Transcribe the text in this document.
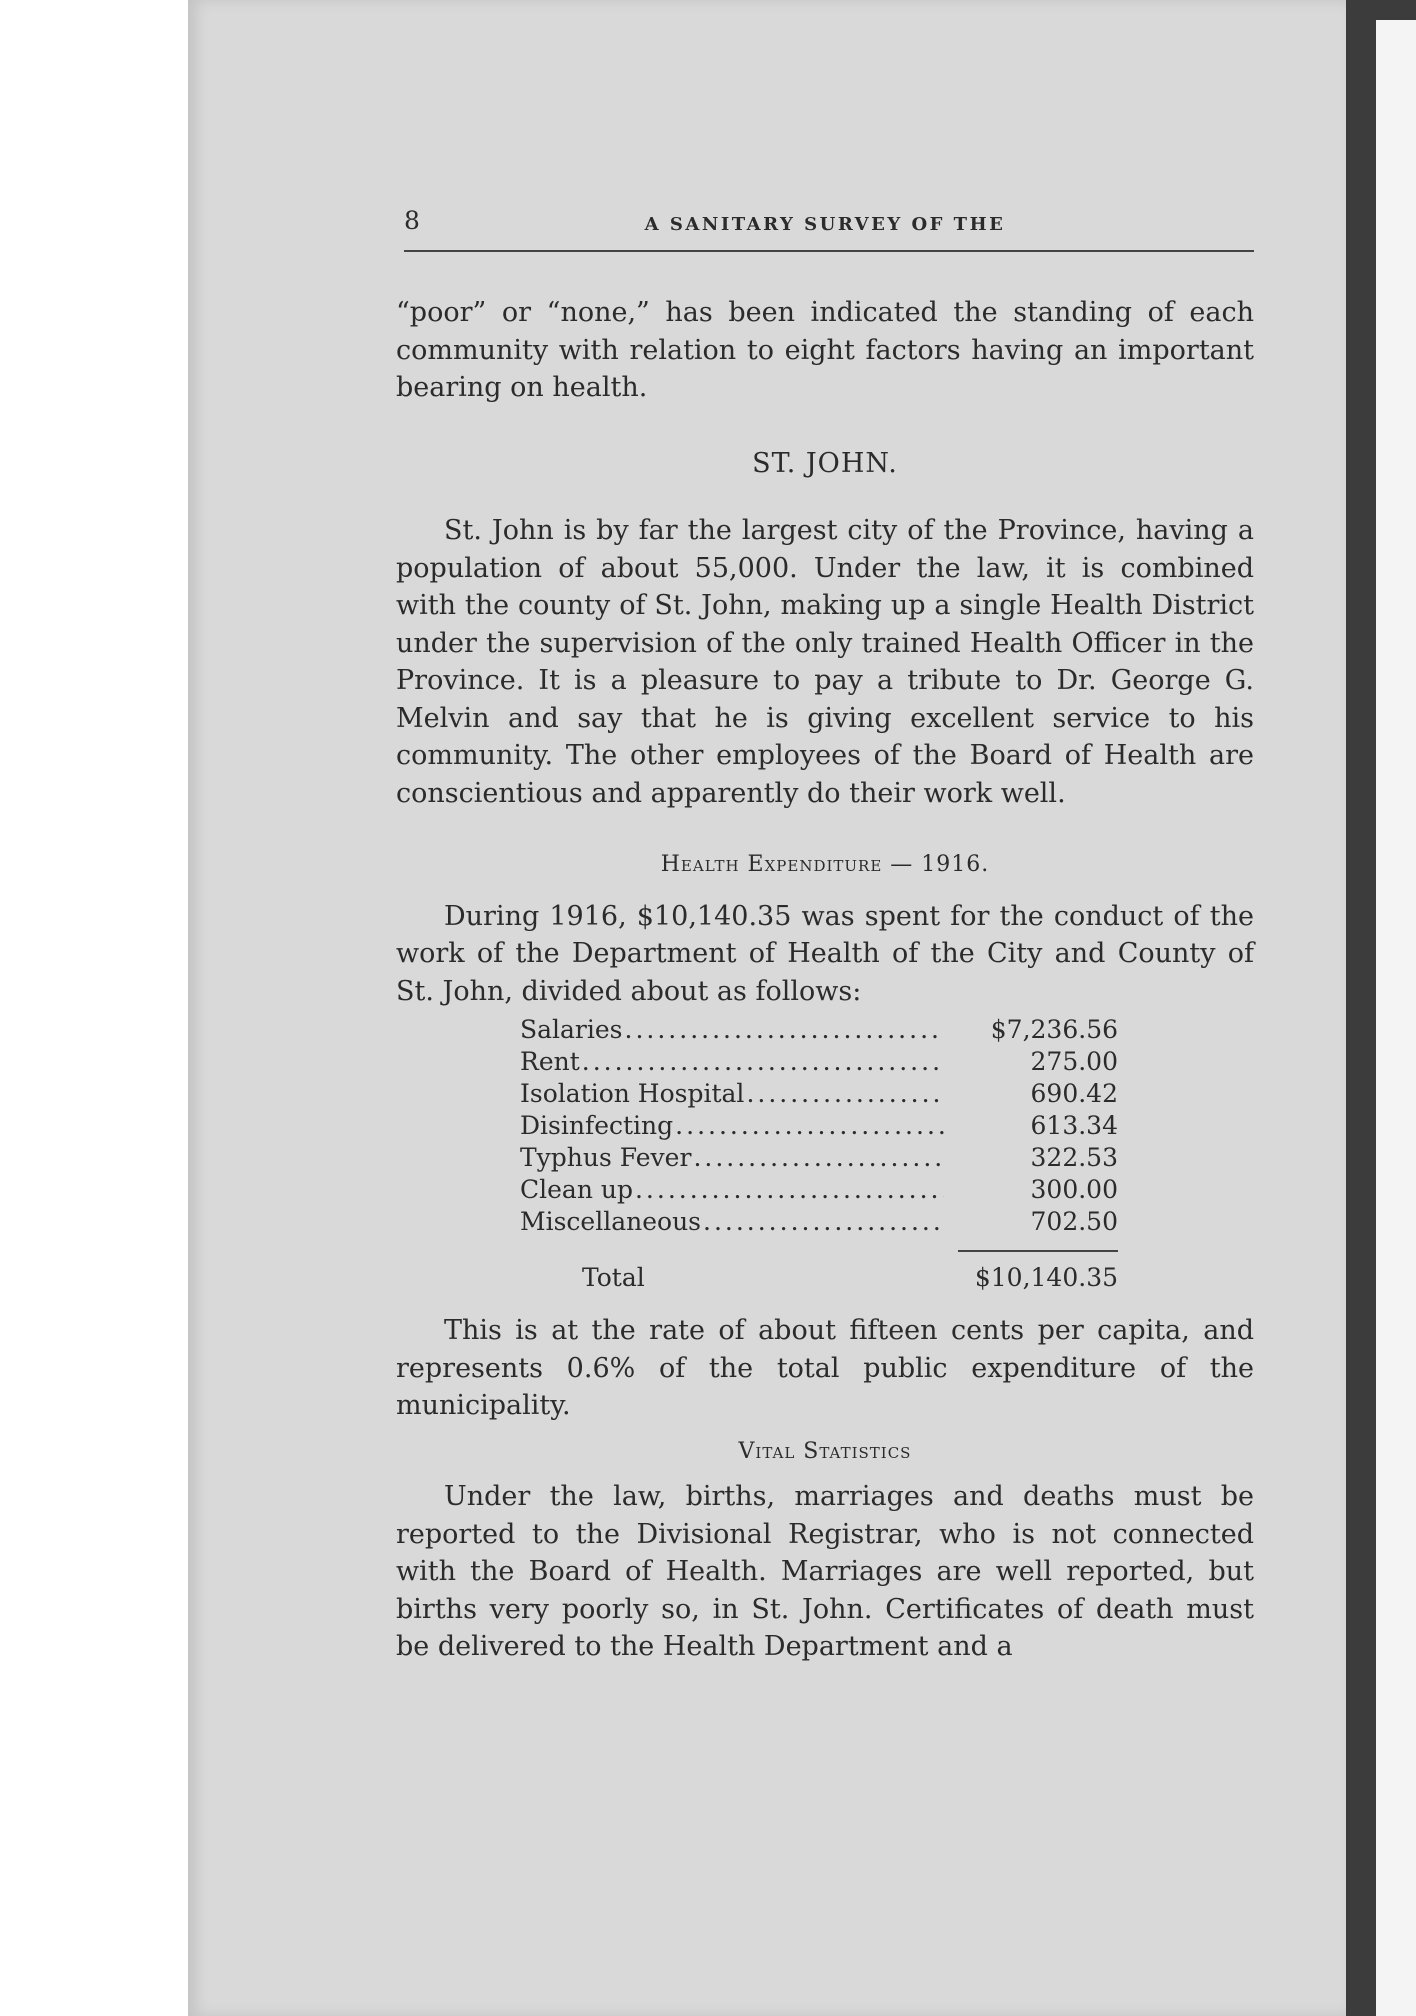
8	A SANITARY SURVEY OF THE

“poor” or “none,” has been indicated the standing of each community with relation to eight factors having an important bearing on health.

ST. JOHN.

St. John is by far the largest city of the Province, having a population of about 55,000. Under the law, it is combined with the county of St. John, making up a single Health District under the supervision of the only trained Health Officer in the Province. It is a pleasure to pay a tribute to Dr. George G. Melvin and say that he is giving excellent service to his community. The other employees of the Board of Health are conscientious and apparently do their work well.

Health Expenditure — 1916.

During 1916, $10,140.35 was spent for the conduct of the work of the Department of Health of the City and County of St. John, divided about as follows:

Salaries .....	$7,236.56
Rent .....	275.00
Isolation Hospital .....	690.42
Disinfecting .....	613.34
Typhus Fever .....	322.53
Clean up .....	300.00
Miscellaneous .....	702.50
Total	$10,140.35

This is at the rate of about fifteen cents per capita, and represents 0.6% of the total public expenditure of the municipality.

Vital Statistics

Under the law, births, marriages and deaths must be reported to the Divisional Registrar, who is not connected with the Board of Health. Marriages are well reported, but births very poorly so, in St. John. Certificates of death must be delivered to the Health Department and a
